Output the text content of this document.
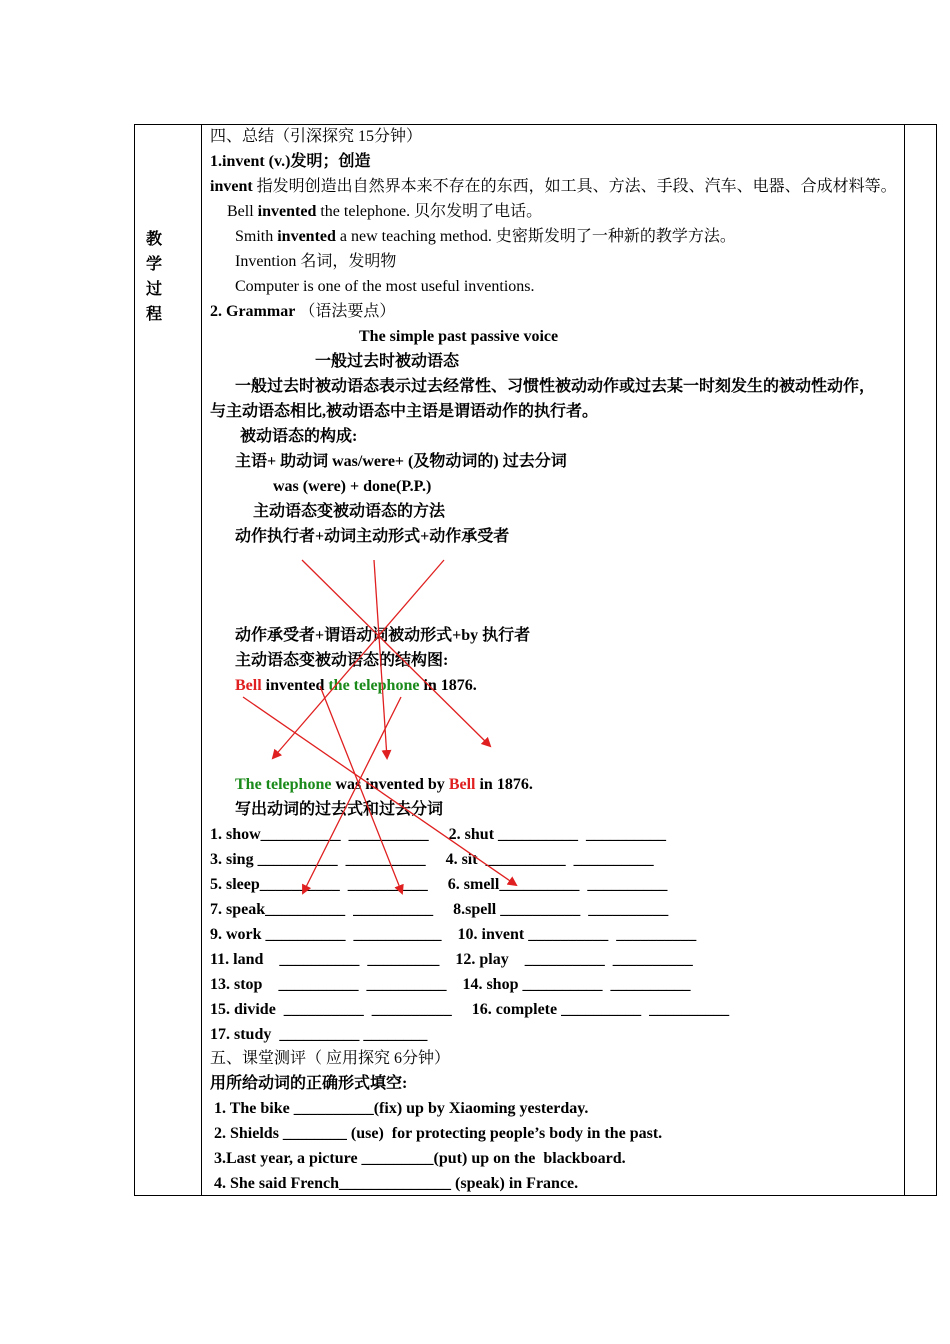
教
学
过
程
四、总结（引深探究 15分钟）
1.invent (v.)发明；创造
invent 指发明创造出自然界本来不存在的东西，如工具、方法、手段、汽车、电器、合成材料等。
Bell invented the telephone. 贝尔发明了电话。
Smith invented a new teaching method. 史密斯发明了一种新的教学方法。
Invention 名词，发明物
Computer is one of the most useful inventions.
2. Grammar （语法要点）
The simple past passive voice
一般过去时被动语态
一般过去时被动语态表示过去经常性、习惯性被动动作或过去某一时刻发生的被动性动作，
与主动语态相比,被动语态中主语是谓语动作的执行者。
被动语态的构成:
主语+ 助动词 was/were+ (及物动词的) 过去分词
was (were) + done(P.P.)
主动语态变被动语态的方法
动作执行者+动词主动形式+动作承受者
动作承受者+谓语动词被动形式+by 执行者
主动语态变被动语态的结构图:
Bell invented the telephone in 1876.
The telephone was invented by Bell in 1876.
写出动词的过去式和过去分词
1. show__________  __________     2. shut __________  __________
3. sing __________  __________     4. sit  __________  __________
5. sleep__________  __________     6. smell__________  __________
7. speak__________  __________     8.spell __________  __________
9. work __________  ___________    10. invent __________  __________
11. land    __________  _________    12. play    __________  __________
13. stop    __________  __________    14. shop __________  __________
15. divide  __________  __________     16. complete __________  __________
17. study  __________ ________
五、课堂测评（ 应用探究 6分钟）
用所给动词的正确形式填空:
1. The bike __________(fix) up by Xiaoming yesterday.
2. Shields ________ (use)  for protecting people’s body in the past.
3.Last year, a picture _________(put) up on the  blackboard.
4. She said French______________ (speak) in France.
